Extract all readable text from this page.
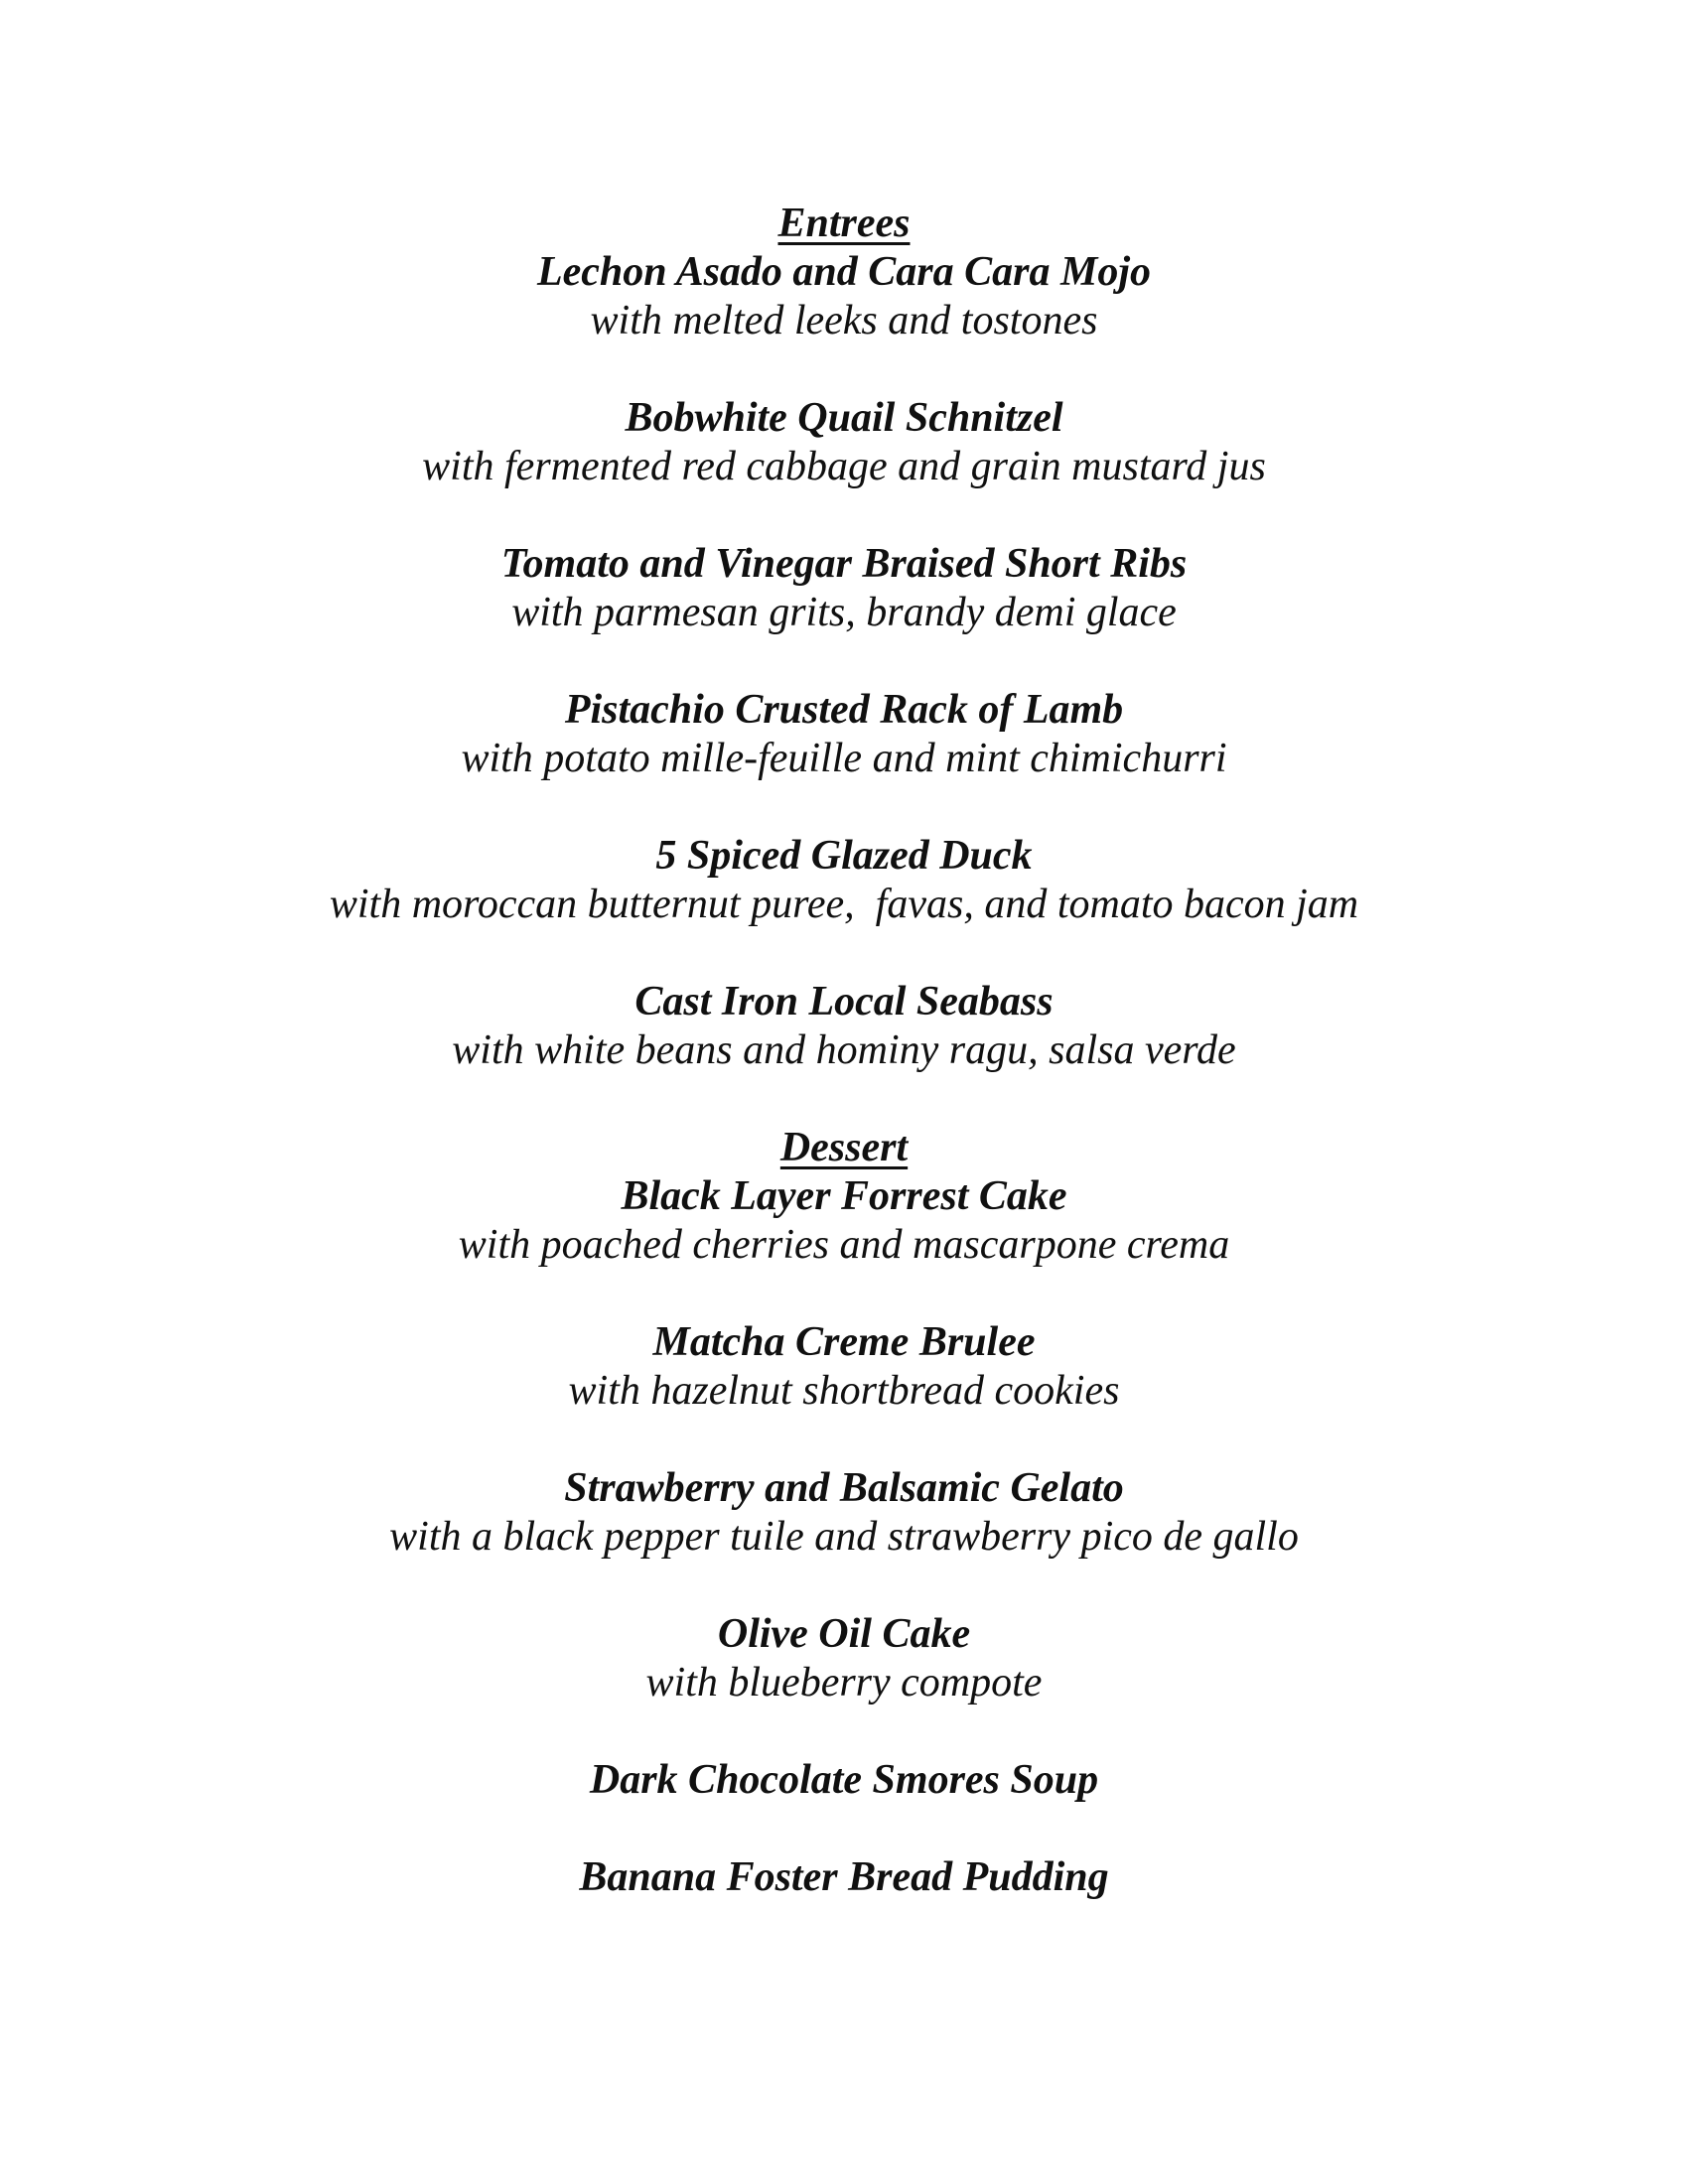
Entrees
Lechon Asado and Cara Cara Mojo
with melted leeks and tostones
Bobwhite Quail Schnitzel
with fermented red cabbage and grain mustard jus
Tomato and Vinegar Braised Short Ribs
with parmesan grits, brandy demi glace
Pistachio Crusted Rack of Lamb
with potato mille-feuille and mint chimichurri
5 Spiced Glazed Duck
with moroccan butternut puree,  favas, and tomato bacon jam
Cast Iron Local Seabass
with white beans and hominy ragu, salsa verde
Dessert
Black Layer Forrest Cake
with poached cherries and mascarpone crema
Matcha Creme Brulee
with hazelnut shortbread cookies
Strawberry and Balsamic Gelato
with a black pepper tuile and strawberry pico de gallo
Olive Oil Cake
with blueberry compote
Dark Chocolate Smores Soup
Banana Foster Bread Pudding
